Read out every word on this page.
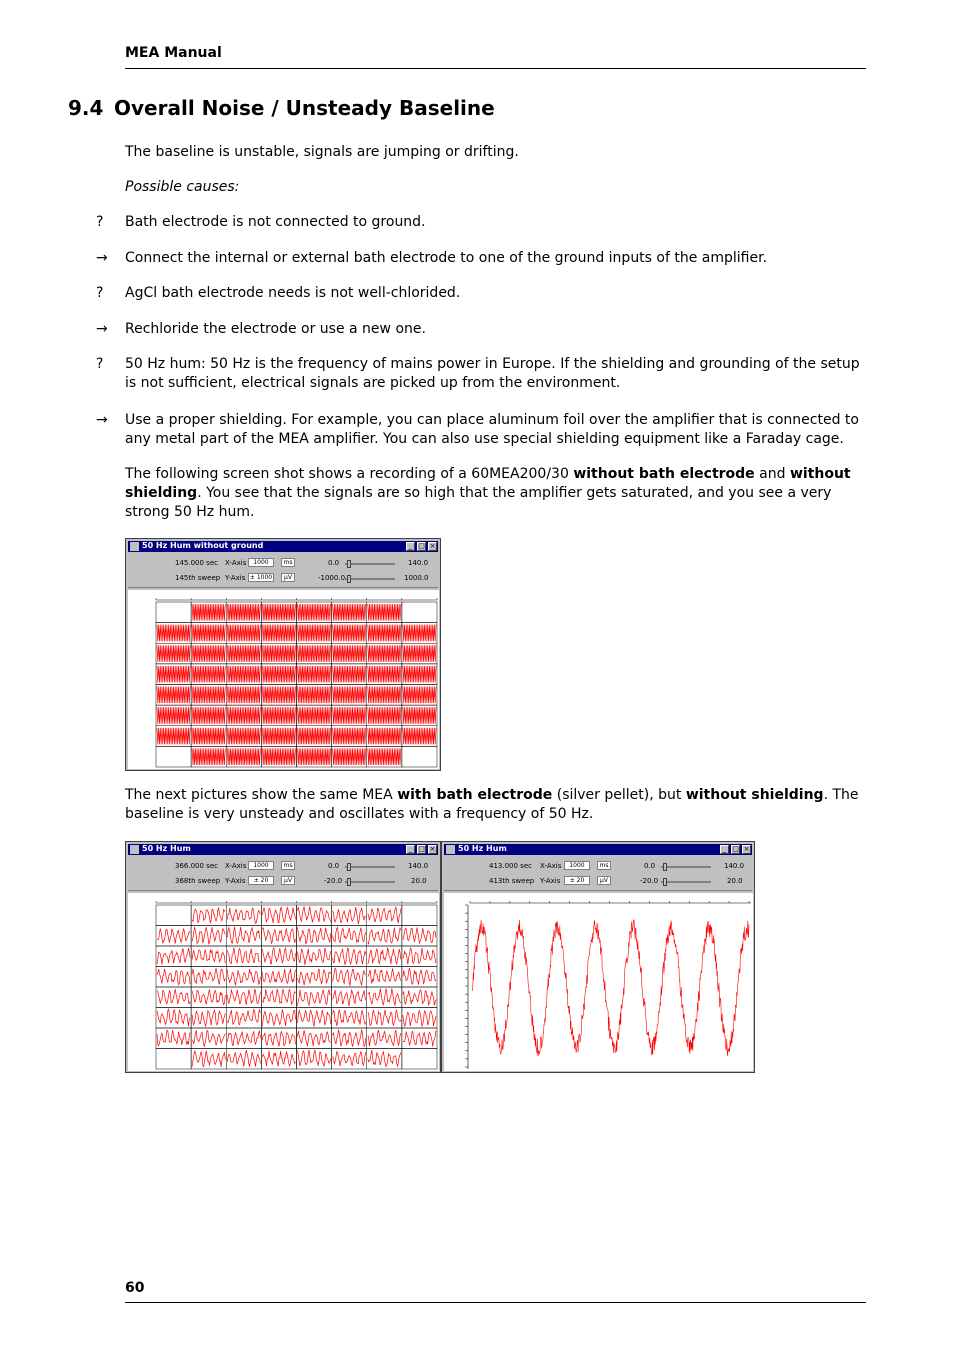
MEA Manual
9.4 Overall Noise / Unsteady Baseline

The baseline is unstable, signals are jumping or drifting.

Possible causes:

? Bath electrode is not connected to ground.

→ Connect the internal or external bath electrode to one of the ground inputs of the amplifier.

? AgCl bath electrode needs is not well-chlorided.

→ Rechloride the electrode or use a new one.

? 50 Hz hum: 50 Hz is the frequency of mains power in Europe. If the shielding and grounding of the setup is not sufficient, electrical signals are picked up from the environment.

→ Use a proper shielding. For example, you can place aluminum foil over the amplifier that is connected to any metal part of the MEA amplifier. You can also use special shielding equipment like a Faraday cage.

The following screen shot shows a recording of a 60MEA200/30 without bath electrode and without shielding. You see that the signals are so high that the amplifier gets saturated, and you see a very strong 50 Hz hum.

50 Hz Hum without ground	_ □ ×
145.000 sec
145th sweep
X-Axis
Y-Axis
1000
± 1000
ms
µV
0.0
-1000.0
140.0
1000.0

The next pictures show the same MEA with bath electrode (silver pellet), but without shielding. The baseline is very unsteady and oscillates with a frequency of 50 Hz.

50 Hz Hum	_ □ ×
366.000 sec
368th sweep
X-Axis
Y-Axis
1000
± 20
ms
µV
0.0
-20.0
140.0
20.0
50 Hz Hum	_ □ ×
413.000 sec
413th sweep
X-Axis
Y-Axis
1000
± 20
ms
µV
0.0
-20.0
140.0
20.0
60
